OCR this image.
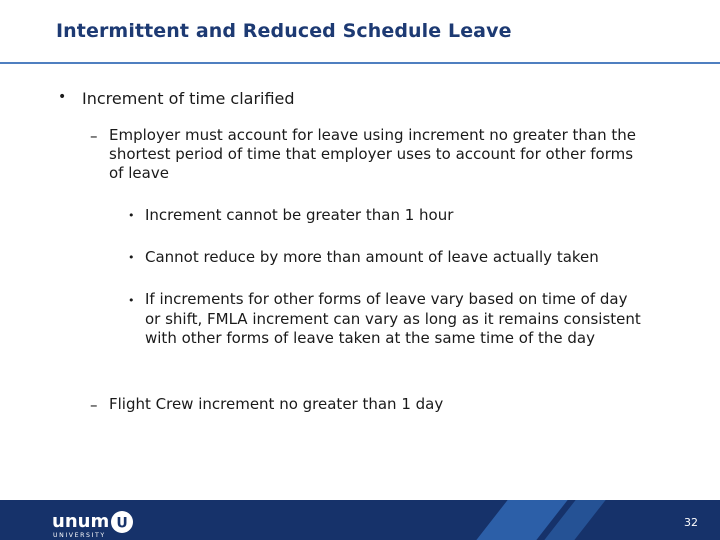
Intermittent and Reduced Schedule Leave
• Increment of time clarified
– Employer must account for leave using increment no greater than the shortest period of time that employer uses to account for other forms of leave
• Increment cannot be greater than 1 hour
• Cannot reduce by more than amount of leave actually taken
• If increments for other forms of leave vary based on time of day or shift, FMLA increment can vary as long as it remains consistent with other forms of leave taken at the same time of the day
– Flight Crew increment no greater than 1 day
unum U
UNIVERSITY
32
